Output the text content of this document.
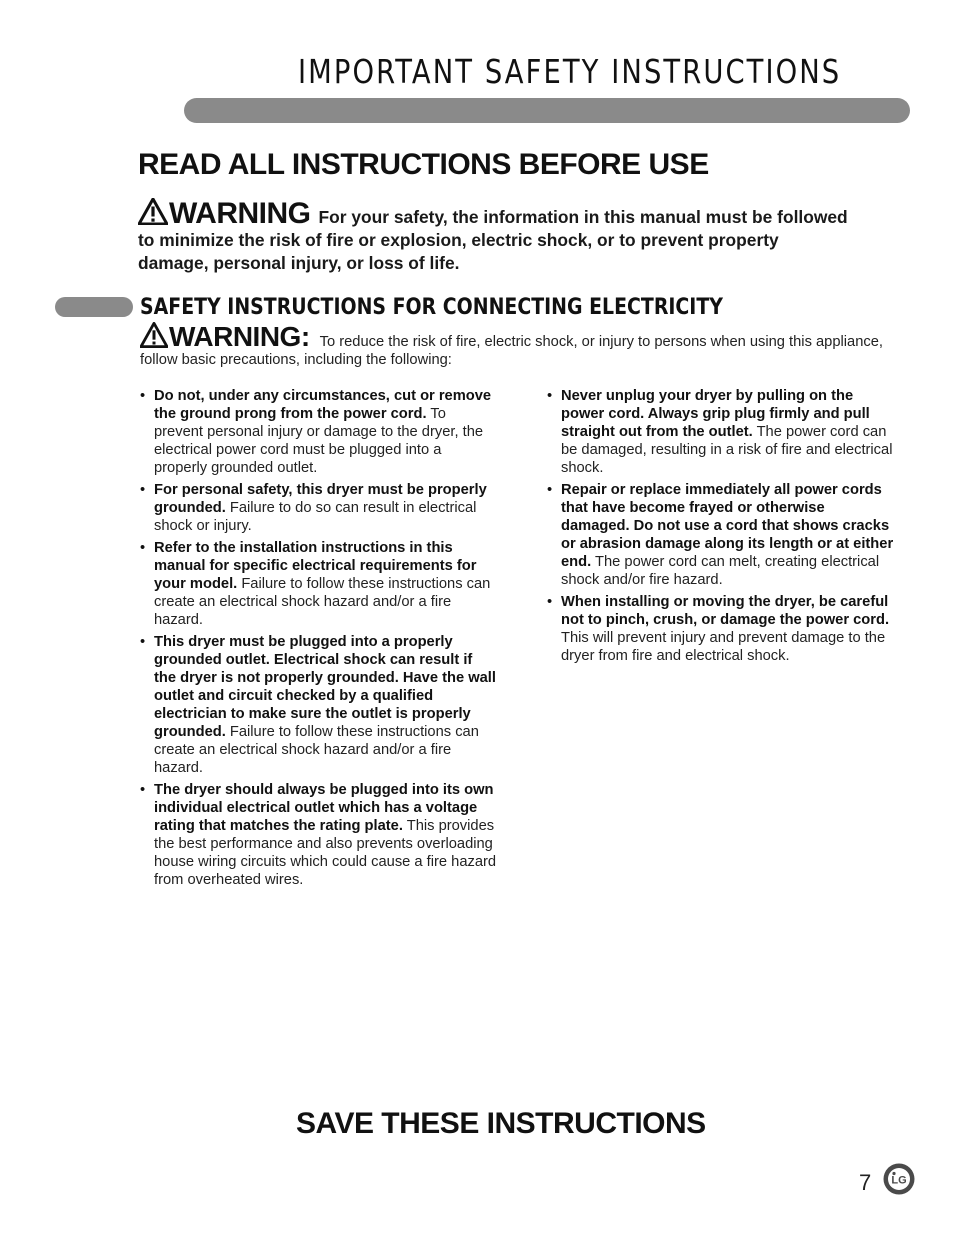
IMPORTANT SAFETY INSTRUCTIONS
READ ALL INSTRUCTIONS BEFORE USE
WARNING For your safety, the information in this manual must be followed to minimize the risk of fire or explosion, electric shock, or to prevent property damage, personal injury, or loss of life.
SAFETY INSTRUCTIONS FOR CONNECTING ELECTRICITY
WARNING: To reduce the risk of fire, electric shock, or injury to persons when using this appliance, follow basic precautions, including the following:
• Do not, under any circumstances, cut or remove the ground prong from the power cord. To prevent personal injury or damage to the dryer, the electrical power cord must be plugged into a properly grounded outlet.
• For personal safety, this dryer must be properly grounded. Failure to do so can result in electrical shock or injury.
• Refer to the installation instructions in this manual for specific electrical requirements for your model. Failure to follow these instructions can create an electrical shock hazard and/or a fire hazard.
• This dryer must be plugged into a properly grounded outlet. Electrical shock can result if the dryer is not properly grounded. Have the wall outlet and circuit checked by a qualified electrician to make sure the outlet is properly grounded. Failure to follow these instructions can create an electrical shock hazard and/or a fire hazard.
• The dryer should always be plugged into its own individual electrical outlet which has a voltage rating that matches the rating plate. This provides the best performance and also prevents overloading house wiring circuits which could cause a fire hazard from overheated wires.
• Never unplug your dryer by pulling on the power cord. Always grip plug firmly and pull straight out from the outlet. The power cord can be damaged, resulting in a risk of fire and electrical shock.
• Repair or replace immediately all power cords that have become frayed or otherwise damaged. Do not use a cord that shows cracks or abrasion damage along its length or at either end. The power cord can melt, creating electrical shock and/or fire hazard.
• When installing or moving the dryer, be careful not to pinch, crush, or damage the power cord. This will prevent injury and prevent damage to the dryer from fire and electrical shock.
SAVE THESE INSTRUCTIONS
7 LG
